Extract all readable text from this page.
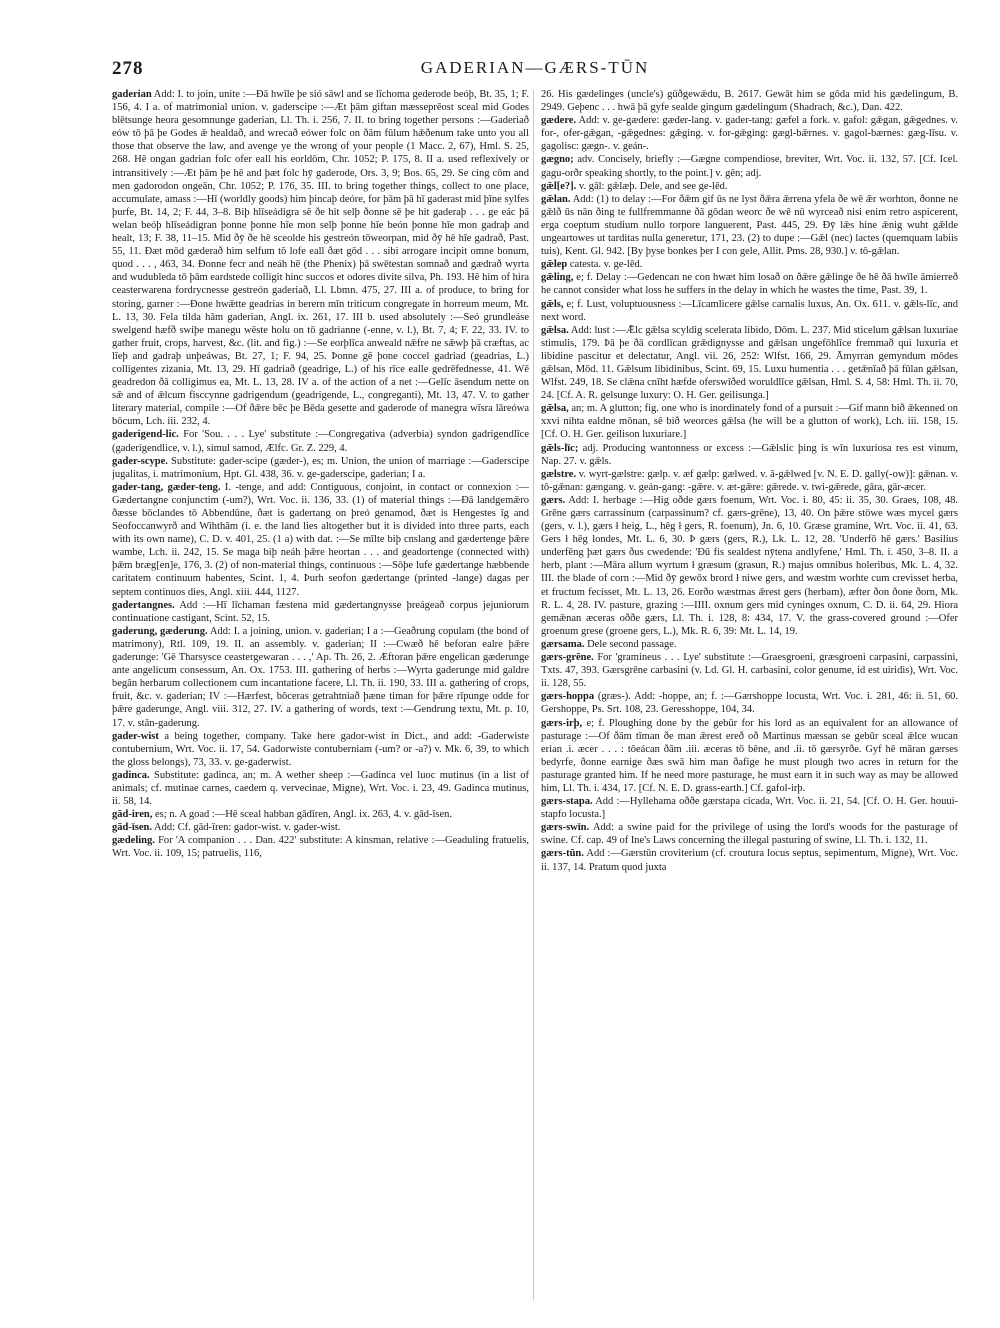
278	GADERIAN—GÆRS-TŪN

gaderian Add: I. to join, unite :—Ðā hwīle þe sió sāwl and se līchoma gederode beóþ, Bt. 35, 1; F. 156, 4. I a. of matrimonial union. v. gaderscipe :—Æt þām giftan mæsseprēost sceal mid Godes blētsunge heora gesomnunge gaderian, Ll. Th. i. 256, 7. II. to bring together persons :—Gaderiað eów tō þā þe Godes ǣ healdað, and wrecað eówer folc on ðām fūlum hǣðenum take unto you all those that observe the law, and avenge ye the wrong of your people (1 Macc. 2, 67), Hml. S. 25, 268. Hē ongan gadrian folc ofer eall his eorldōm, Chr. 1052; P. 175, 8. II a. used reflexively or intransitively :—Æt þām þe hē and þæt folc hȳ gaderode, Ors. 3, 9; Bos. 65, 29. Se cing cōm and men gadorodon ongeān, Chr. 1052; P. 176, 35. III. to bring together things, collect to one place, accumulate, amass :—Hī (worldly goods) him þincaþ deóre, for þām þā hī gaderast mid þīne sylfes þurfe, Bt. 14, 2; F. 44, 3–8. Biþ hlīseádigra sē ðe hit selþ ðonne sē þe hit gaderaþ . . . ge eác þā welan beóþ hlīseádigran þonne þonne hīe mon selþ þonne hīe beón þonne hīe mon gadraþ and healt, 13; F. 38, 11–15. Mid ðȳ ðe hē sceolde his gestreón tōweorpan, mid ðȳ hē hīe gadrað, Past. 55, 11. Ðæt mōd gæderað him selfum tō lofe eall ðæt gōd . . . sibi arrogare incipit omne bonum, quod . . . , 463, 34. Ðonne fecr and neáh hē (the Phenix) þā swētestan somnað and gædrað wyrta and wudubleda tō þām eardstede colligit hinc succos et odores divite silva, Ph. 193. Hē him of hira ceasterwarena fordrycnesse gestreón gaderiað, Ll. Lbmn. 475, 27. III a. of produce, to bring for storing, garner :—Ðone hwǣtte geadrias in berern mīn triticum congregate in horreum meum, Mt. L. 13, 30. Fela tilda hām gaderian, Angl. ix. 261, 17. III b. used absolutely :—Seó grundleáse swelgend hæfð swiþe manegu wēste holu on tō gadrianne (-enne, v. l.), Bt. 7, 4; F. 22, 33. IV. to gather fruit, crops, harvest, &c. (lit. and fig.) :—Se eorþlīca anweald nǣfre ne sǣwþ þā cræftas, ac līeþ and gadraþ unþeáwas, Bt. 27, 1; F. 94, 25. Þonne gē þone coccel gadriad (geadrias, L.) colligentes zizania, Mt. 13, 29. Hī gadriað (geadrige, L.) of his rīce ealle gedrēfednesse, 41. Wē geadredon ðā colligimus ea, Mt. L. 13, 28. IV a. of the action of a net :—Gelīc āsendum nette on sǣ and of ǣlcum fisccynne gadrigendum (geadrigende, L., congreganti), Mt. 13, 47. V. to gather literary material, compile :—Of ðǣre bēc þe Bēda gesette and gaderode of manegra wīsra lāreówa bōcum, Lch. iii. 232, 4.

gaderigend-lic. For 'Sou. . . . Lye' substitute :—Congregativa (adverbia) syndon gadrigendlīce (gaderigendlice, v. l.), simul samod, Ælfc. Gr. Z. 229, 4.

gader-scype. Substitute: gader-scipe (gæder-), es; m. Union, the union of marriage :—Gaderscipe jugalitas, i. matrimonium, Hpt. Gl. 438, 36. v. ge-gaderscipe, gaderian; I a.

gader-tang, gæder-teng. I. -tenge, and add: Contiguous, conjoint, in contact or connexion :—Gædertangne conjunctim (-um?), Wrt. Voc. ii. 136, 33. (1) of material things :—Ðā landgemǣro ðæsse bōclandes tō Abbendūne, ðæt is gadertang on þreó genamod, ðæt is Hengestes īg and Seofoccanwyrð and Wihthām (i. e. the land lies altogether but it is divided into three parts, each with its own name), C. D. v. 401, 25. (1 a) with dat. :—Se mīlte biþ cnslang and gædertenge þǣre wambe, Lch. ii. 242, 15. Se maga biþ neáh þǣre heortan . . . and geadortenge (connected with) þǣm bræg[en]e, 176, 3. (2) of non-material things, continuous :—Sōþe lufe gædertange hæbbende caritatem continuum habentes, Scint. 1, 4. Þurh seofon gædertange (printed -lange) dagas per septem continuos dies, Angl. xiii. 444, 1127.

gadertangnes. Add :—Hī līchaman fæstena mid gædertangnysse þreágeað corpus jejuniorum continuatione castigant, Scint. 52, 15.

gaderung, gæderung. Add: I. a joining, union. v. gaderian; I a :—Geaðrung copulam (the bond of matrimony), Rtl. 109, 19. II. an assembly. v. gaderian; II :—Cwæð hē beforan ealre þǣre gaderunge: 'Gē Tharsysce ceastergewaran . . . ,' Ap. Th. 26, 2. Æftoran þǣre engelican gæderunge ante angelicum consessum, An. Ox. 1753. III. gathering of herbs :—Wyrta gaderunge mid galdre begān herbarum collectionem cum incantatione facere, Ll. Th. ii. 190, 33. III a. gathering of crops, fruit, &c. v. gaderian; IV :—Hærfest, bōceras getrahtniað þæne timan for þǣre rīpunge odde for þǣre gaderunge, Angl. viii. 312, 27. IV. a gathering of words, text :—Gendrung textu, Mt. p. 10, 17. v. stān-gaderung.

gader-wist a being together, company. Take here gador-wist in Dict., and add: -Gaderwiste contubernium, Wrt. Voc. ii. 17, 54. Gadorwiste contuberniam (-um? or -a?) v. Mk. 6, 39, to which the gloss belongs), 73, 33. v. ge-gaderwist.

gadinca. Substitute: gadinca, an; m. A wether sheep :—Gadinca vel luoc mutinus (in a list of animals; cf. mutinae carnes, caedem q. vervecinae, Migne), Wrt. Voc. i. 23, 49. Gadinca mutinus, ii. 58, 14.

gād-iren, es; n. A goad :—Hē sceal habban gādīren, Angl. ix. 263, 4. v. gād-īsen.

gād-īsen. Add: Cf. gād-īren: gador-wist. v. gader-wist.

gædeling. For 'A companion . . . Dan. 422' substitute: A kinsman, relative :—Geaduling fratuelis, Wrt. Voc. ii. 109, 15; patruelis, 116,

26. His gædelinges (uncle's) gūðgewǣdu, B. 2617. Gewāt him se gōda mid his gædelingum, B. 2949. Geþenc . . . hwā þā gyfe sealde gingum gædelingum (Shadrach, &c.), Dan. 422.

gædere. Add: v. ge-gædere: gæder-lang. v. gader-tang: gæfel a fork. v. gafol: gǣgan, gǣgednes. v. for-, ofer-gǣgan, -gǣgednes: gǣging. v. for-gǣging: gægl-bǣrnes. v. gagol-bærnes: gæg-līsu. v. gagolisc: gægn-. v. geán-.

gægno; adv. Concisely, briefly :—Gægne compendiose, breviter, Wrt. Voc. ii. 132, 57. [Cf. Icel. gagu-orðr speaking shortly, to the point.] v. gēn; adj.

gǣl[e?]. v. gāl: gǣlæþ. Dele, and see ge-lēd.

gǣlan. Add: (1) to delay :—For ðǣm gif ūs ne lyst ðǣra ǣrrena yfela ðe wē ǣr worhton, ðonne ne gǣlð ūs nān ðing te fullfremmanne ðā gōdan weorc ðe wē nū wyrceað nisi enim retro aspicerent, erga coeptum studium nullo torpore languerent, Past. 445, 29. Ðȳ lǣs hine ǣnig wuht gǣlde ungeartowes ut tarditas nulla generetur, 171, 23. (2) to dupe :—Gǣl (nec) lactes (quemquam labiis tuis), Kent. Gl. 942. [By þyse bonkes þer I con gele, Allit. Pms. 28, 930.] v. tō-gǣlan.

gǣlep catesta. v. ge-lēd.

gǣling, e; f. Delay :—Gedencan ne con hwæt him losað on ðǣre gǣlinge ðe hē ðā hwīle āmierreð he cannot consider what loss he suffers in the delay in which he wastes the time, Past. 39, 1.

gǣls, e; f. Lust, voluptuousness :—Līcamlicere gǣlse carnalis luxus, An. Ox. 611. v. gǣls-līc, and next word.

gǣlsa. Add: lust :—Ǣlc gǣlsa scyldig scelerata libido, Dōm. L. 237. Mid sticelum gǣlsan luxuriae stimulis, 179. Þā þe ðā cordlīcan grǣdignysse and gǣlsan ungefōhlīce fremmað qui luxuria et libidine pascitur et delectatur, Angl. vii. 26, 252: Wlfst. 166, 29. Āmyrran gemyndum mōdes gǣlsan, Mōd. 11. Gǣlsum libidinibus, Scint. 69, 15. Luxu humentia . . . getǣnīað þā fūlan gǣlsan, Wlfst. 249, 18. Se clǣna cnīht hæfde oferswīðed woruldlīce gǣlsan, Hml. S. 4, 58: Hml. Th. ii. 70, 24. [Cf. A. R. gelsunge luxury: O. H. Ger. geilisunga.]

gǣlsa, an; m. A glutton; fig. one who is inordinately fond of a pursuit :—Gif mann bið ǣkenned on xxvi nihta ealdne mōnan, sē bið weorces gǣlsa (he will be a glutton of work), Lch. iii. 158, 15. [Cf. O. H. Ger. geilison luxuriare.]

gǣls-līc; adj. Producing wantonness or excess :—Gǣlslic þing is wīn luxuriosa res est vinum, Nap. 27. v. gǣls.

gælstre. v. wyrt-gælstre: gælp. v. æf gælp: gælwed. v. ā-gǣlwed [v. N. E. D. gally(-ow)]: gǣnan. v. tō-gǣnan: gængang. v. geán-gang: -gǣre. v. æt-gǣre: gǣrede. v. twi-gǣrede, gāra, gār-æcer.

gærs. Add: I. herbage :—Hig oðde gærs foenum, Wrt. Voc. i. 80, 45: ii. 35, 30. Graes, 108, 48. Grēne gærs carrassinum (carpassinum? cf. gærs-grēne), 13, 40. On þǣre stōwe wæs mycel gærs (gers, v. l.), gærs ł heig, L., hēg ł gers, R. foenum), Jn. 6, 10. Græse gramine, Wrt. Voc. ii. 41, 63. Gers ł hēg londes, Mt. L. 6, 30. Þ gærs (gers, R.), Lk. L. 12, 28. 'Underfō hē gærs.' Basilius underfēng þæt gærs ðus cwedende: 'Ðū fis sealdest nȳtena andlyfene,' Hml. Th. i. 450, 3–8. II. a herb, plant :—Māra allum wyrtum ł græsum (grasun, R.) majus omnibus holeribus, Mk. L. 4, 32. III. the blade of corn :—Mid ðȳ gewōx brord ł niwe gers, and wæstm worhte cum crevisset herba, et fructum fecisset, Mt. L. 13, 26. Eorðo wæstmas ǣrest gers (herbam), æfter ðon ðone ðorn, Mk. R. L. 4, 28. IV. pasture, grazing :—IIII. oxnum gers mid cyninges oxnum, C. D. ii. 64, 29. Hiora gemǣnan æceras oððe gærs, Ll. Th. i. 128, 8: 434, 17. V. the grass-covered ground :—Ofer groenum grese (groene gers, L.), Mk. R. 6, 39: Mt. L. 14, 19.

gærsama. Dele second passage.

gærs-grēne. For 'gramineus . . . Lye' substitute :—Graesgroeni, græsgroeni carpasini, carpassini, Txts. 47, 393. Gærsgrēne carbasini (v. Ld. Gl. H. carbasini, color genume, id est uiridis), Wrt. Voc. ii. 128, 55.

gærs-hoppa (græs-). Add: -hoppe, an; f. :—Gærshoppe locusta, Wrt. Voc. i. 281, 46: ii. 51, 60. Gershoppe, Ps. Srt. 108, 23. Geresshoppe, 104, 34.

gærs-irþ, e; f. Ploughing done by the gebūr for his lord as an equivalent for an allowance of pasturage :—Of ðām tīman ðe man ǣrest ereð oð Martinus mæssan se gebūr sceal ǣlce wucan erian .i. æcer . . . : tōeácan ðām .iii. æceras tō bēne, and .ii. tō gærsyrðe. Gyf hē māran gærses bedyrfe, ðonne earnige ðæs swā him man ðafige he must plough two acres in return for the pasturage granted him. If he need more pasturage, he must earn it in such way as may be allowed him, Ll. Th. i. 434, 17. [Cf. N. E. D. grass-earth.] Cf. gafol-irþ.

gærs-stapa. Add :—Hyllehama oððe gærstapa cicada, Wrt. Voc. ii. 21, 54. [Cf. O. H. Ger. houui-stapfo locusta.]

gærs-swīn. Add: a swine paid for the privilege of using the lord's woods for the pasturage of swine. Cf. cap. 49 of Ine's Laws concerning the illegal pasturing of swine, Ll. Th. i. 132, 11.

gærs-tūn. Add :—Gærstūn croviterium (cf. croutura locus septus, sepimentum, Migne), Wrt. Voc. ii. 137, 14. Pratum quod juxta
